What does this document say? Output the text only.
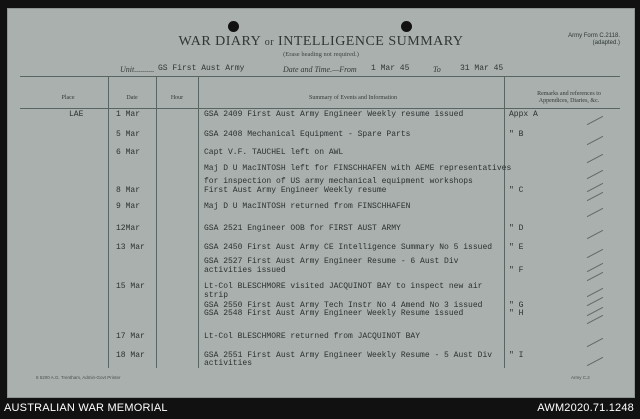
WAR DIARY or INTELLIGENCE SUMMARY
(Erase heading not required.)
Army Form C.2118.
(adapted.)
Unit.......... GS First Aust Army	Date and Time.—From 1 Mar 45	To 31 Mar 45
Place	Date	Hour	Summary of Events and Information
Remarks and references to
Appendices, Diaries, &c.
LAE	1 Mar	GSA 2409 First Aust Army Engineer Weekly resume issued	Appx A
5 Mar	GSA 2408 Mechanical Equipment - Spare Parts	" B
6 Mar	Capt V.F. TAUCHEL left on AWL
Maj D U MacINTOSH left for FINSCHHAFEN with AEME representatives
for inspection of US army mechanical equipment workshops
8 Mar	First Aust Army Engineer Weekly resume	" C
9 Mar	Maj D U MacINTOSH returned from FINSCHHAFEN
12Mar	GSA 2521 Engineer OOB for FIRST AUST ARMY	" D
13 Mar	GSA 2450 First Aust Army CE Intelligence Summary No 5 issued " E
GSA 2527 First Aust Army Engineer Resume - 6 Aust Div
activities issued	" F
15 Mar	Lt-Col BLESCHMORE visited JACQUINOT BAY to inspect new air
strip
GSA 2550 First Aust Army Tech Instr No 4 Amend No 3 issued	" G
GSA 2548 First Aust Army Engineer Weekly Resume issued	" H
17 Mar	Lt-Col BLESCHMORE returned from JACQUINOT BAY
18 Mar	GSA 2551 First Aust Army Engineer Weekly Resume - 5 Aust Div " I
activities
8 5200 A.G. Trentham, Admin-Govt Printer	Army C.2
AUSTRALIAN WAR MEMORIAL	AWM2020.71.1248
